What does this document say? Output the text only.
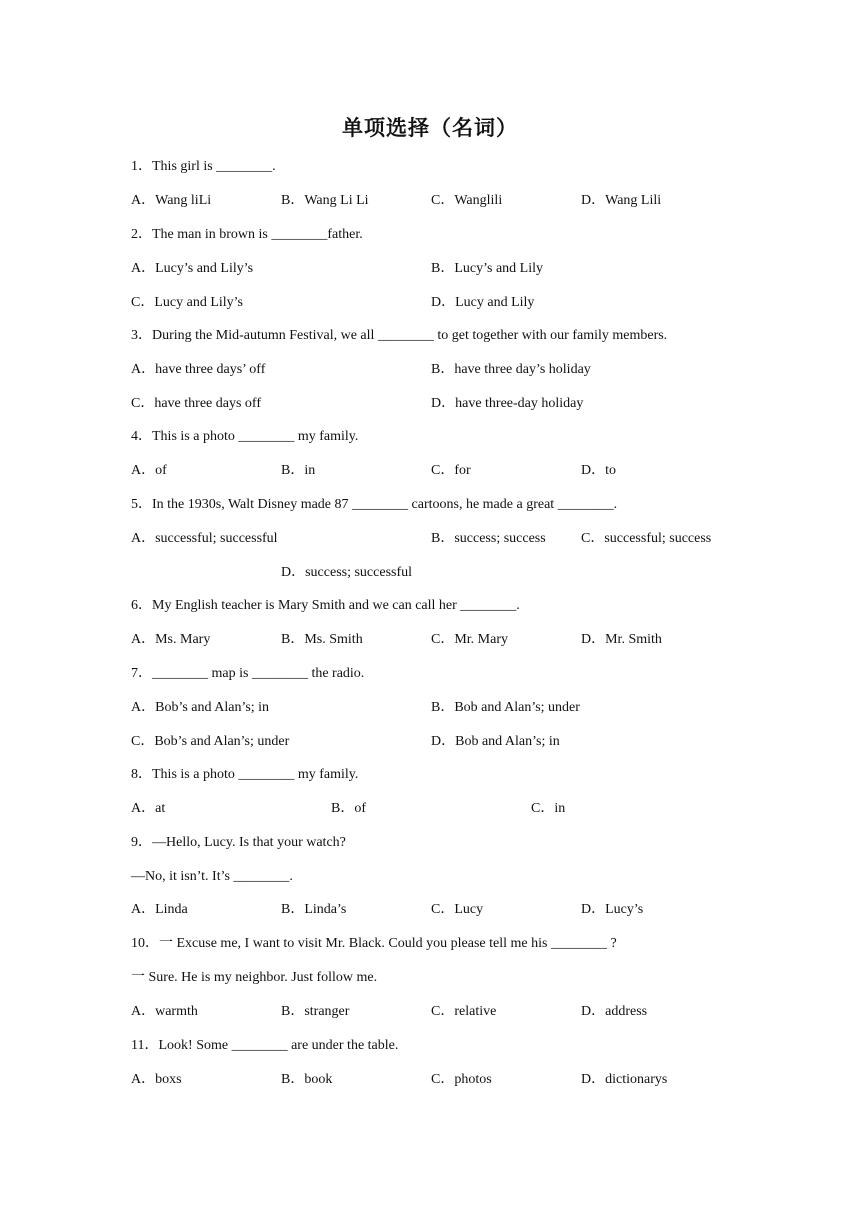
单项选择（名词）
1．This girl is ________.
A．Wang liLi	B．Wang Li Li	C．Wanglili	D．Wang Lili
2．The man in brown is ________father.
A．Lucy’s and Lily’s	B．Lucy’s and Lily
C．Lucy and Lily’s	D．Lucy and Lily
3．During the Mid-autumn Festival, we all ________ to get together with our family members.
A．have three days’ off	B．have three day’s holiday
C．have three days off	D．have three-day holiday
4．This is a photo ________ my family.
A．of	B．in	C．for	D．to
5．In the 1930s, Walt Disney made 87 ________ cartoons, he made a great ________.
A．successful; successful	B．success; success	C．successful; success
D．success; successful
6．My English teacher is Mary Smith and we can call her ________.
A．Ms. Mary	B．Ms. Smith	C．Mr. Mary	D．Mr. Smith
7．________ map is ________ the radio.
A．Bob’s and Alan’s; in	B．Bob and Alan’s; under
C．Bob’s and Alan’s; under	D．Bob and Alan’s; in
8．This is a photo ________ my family.
A．at	B．of	C．in
9．—Hello, Lucy. Is that your watch?
—No, it isn’t. It’s ________.
A．Linda	B．Linda’s	C．Lucy	D．Lucy’s
10．一 Excuse me, I want to visit Mr. Black. Could you please tell me his ________ ?
一 Sure. He is my neighbor. Just follow me.
A．warmth	B．stranger	C．relative	D．address
11．Look! Some ________ are under the table.
A．boxs	B．book	C．photos	D．dictionarys
